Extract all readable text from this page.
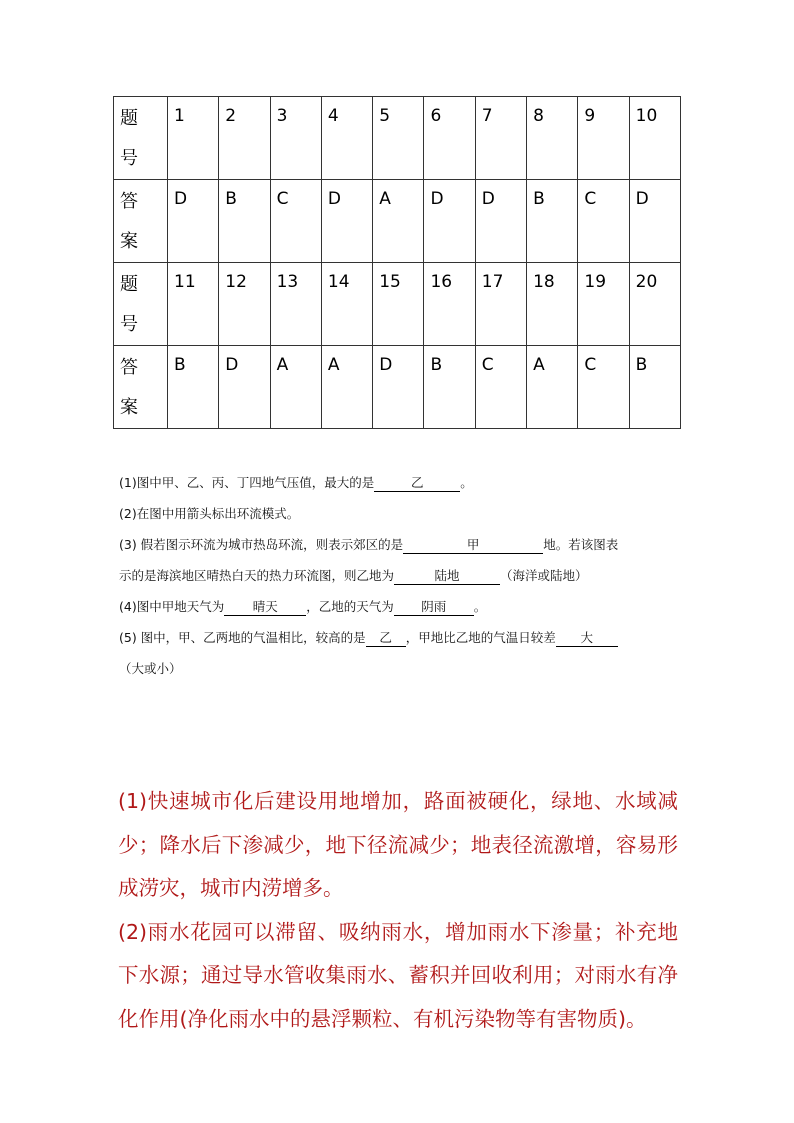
题
号	1	2	3	4	5	6	7	8	9	10

答
案	D	B	C	D	A	D	D	B	C	D

题
号	11	12	13	14	15	16	17	18	19	20

答
案	B	D	A	A	D	B	C	A	C	B

(1)图中甲、乙、丙、丁四地气压值，最大的是	乙	。

(2)在图中用箭头标出环流模式。

(3) 假若图示环流为城市热岛环流，则表示郊区的是	甲	地。若该图表
示的是海滨地区晴热白天的热力环流图，则乙地为	陆地	（海洋或陆地）

(4)图中甲地天气为 晴天 ，乙地的天气为 阴雨 。

(5) 图中，甲、乙两地的气温相比，较高的是 乙 ，甲地比乙地的气温日较差 大
（大或小）

(1)快速城市化后建设用地增加，路面被硬化，绿地、水域减少；降水后下渗减少，地下径流减少；地表径流激增，容易形成涝灾，城市内涝增多。

(2)雨水花园可以滞留、吸纳雨水，增加雨水下渗量；补充地下水源；通过导水管收集雨水、蓄积并回收利用；对雨水有净化作用(净化雨水中的悬浮颗粒、有机污染物等有害物质)。
